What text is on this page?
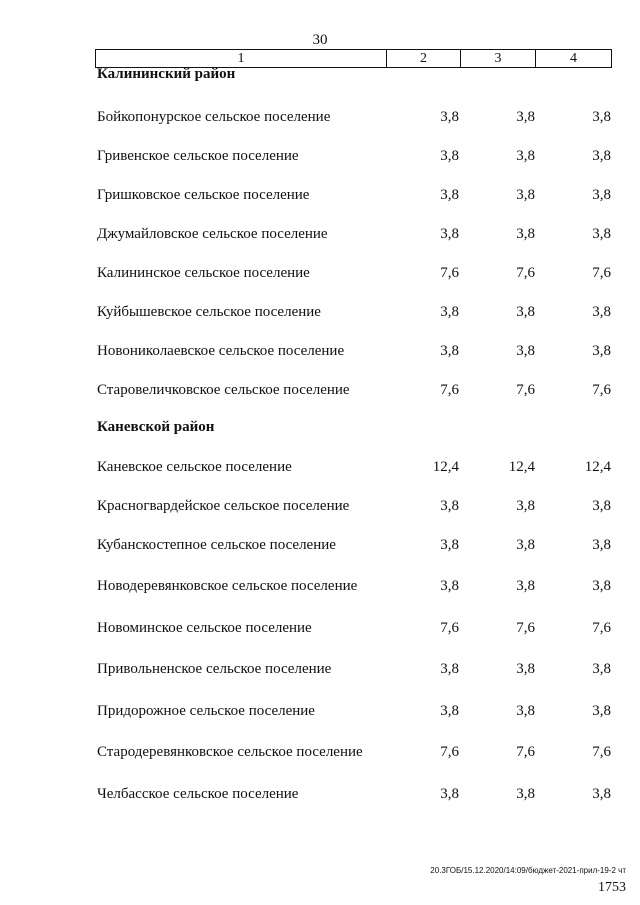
30
1	2	3	4
Калининский район
Бойкопонурское сельское поселение	3,8	3,8	3,8
Гривенское сельское поселение	3,8	3,8	3,8
Гришковское сельское поселение	3,8	3,8	3,8
Джумайловское сельское поселение	3,8	3,8	3,8
Калининское сельское поселение	7,6	7,6	7,6
Куйбышевское сельское поселение	3,8	3,8	3,8
Новониколаевское сельское поселение	3,8	3,8	3,8
Старовеличковское сельское поселение	7,6	7,6	7,6
Каневской район
Каневское сельское поселение	12,4	12,4	12,4
Красногвардейское сельское поселение	3,8	3,8	3,8
Кубанскостепное сельское поселение	3,8	3,8	3,8
Новодеревянковское сельское поселение	3,8	3,8	3,8
Новоминское сельское поселение	7,6	7,6	7,6
Привольненское сельское поселение	3,8	3,8	3,8
Придорожное сельское поселение	3,8	3,8	3,8
Стародеревянковское сельское поселение	7,6	7,6	7,6
Челбасское сельское поселение	3,8	3,8	3,8
20.3ГОБ/15.12.2020/14:09/бюджет-2021-прил-19-2 чт
1753
